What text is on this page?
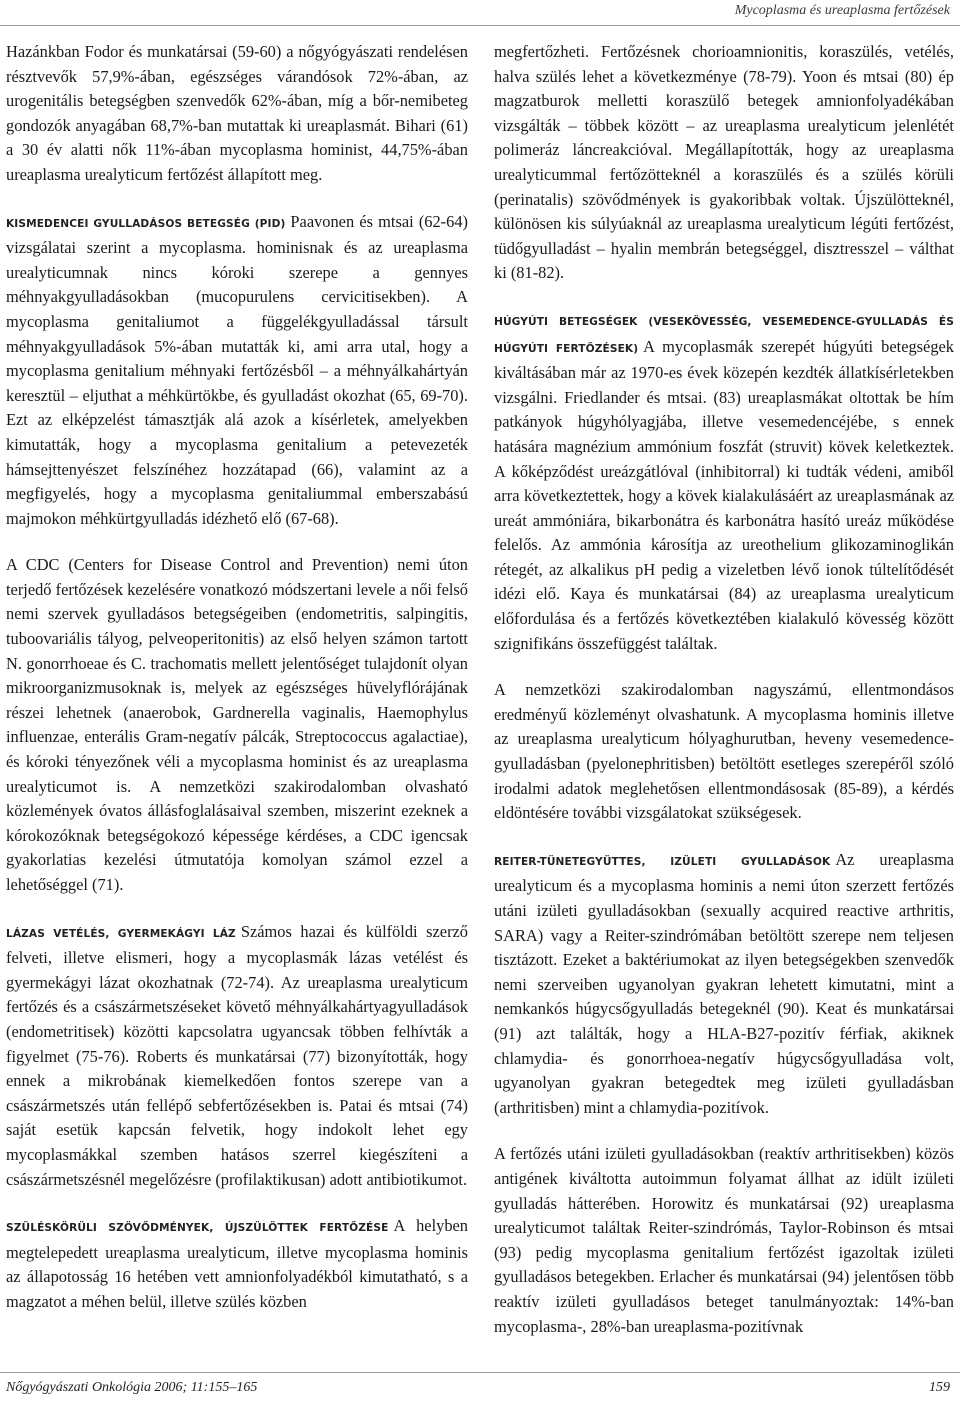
Mycoplasma és ureaplasma fertőzések

Hazánkban Fodor és munkatársai (59-60) a nőgyógyászati rendelésen résztvevők 57,9%-ában, egészséges várandósok 72%-ában, az urogenitális betegségben szenvedők 62%-ában, míg a bőr-nemibeteg gondozók anyagában 68,7%-ban mutattak ki ureaplasmát. Bihari (61) a 30 év alatti nők 11%-ában mycoplasma hominist, 44,75%-ában ureaplasma urealyticum fertőzést állapított meg.

KISMEDENCEI GYULLADÁSOS BETEGSÉG (PID) Paavonen és mtsai (62-64) vizsgálatai szerint a mycoplasma. hominisnak és az ureaplasma urealyticumnak nincs kóroki szerepe a gennyes méhnyakgyulladásokban (mucopurulens cervicitisekben). A mycoplasma genitaliumot a függelékgyulladással társult méhnyakgyulladások 5%-ában mutatták ki, ami arra utal, hogy a mycoplasma genitalium méhnyaki fertőzésből – a méhnyálkahártyán keresztül – eljuthat a méhkürtökbe, és gyulladást okozhat (65, 69-70). Ezt az elképzelést támasztják alá azok a kísérletek, amelyekben kimutatták, hogy a mycoplasma genitalium a petevezeték hámsejttenyészet felszínéhez hozzátapad (66), valamint az a megfigyelés, hogy a mycoplasma genitaliummal emberszabású majmokon méhkürtgyulladás idézhető elő (67-68).

A CDC (Centers for Disease Control and Prevention) nemi úton terjedő fertőzések kezelésére vonatkozó módszertani levele a női felső nemi szervek gyulladásos betegségeiben (endometritis, salpingitis, tuboovariális tályog, pelveoperitonitis) az első helyen számon tartott N. gonorrhoeae és C. trachomatis mellett jelentőséget tulajdonít olyan mikroorganizmusoknak is, melyek az egészséges hüvelyflórájának részei lehetnek (anaerobok, Gardnerella vaginalis, Haemophylus influenzae, enterális Gram-negatív pálcák, Streptococcus agalactiae), és kóroki tényezőnek véli a mycoplasma hominist és az ureaplasma urealyticumot is. A nemzetközi szakirodalomban olvasható közlemények óvatos állásfoglalásaival szemben, miszerint ezeknek a kórokozóknak betegségokozó képessége kérdéses, a CDC igencsak gyakorlatias kezelési útmutatója komolyan számol ezzel a lehetőséggel (71).

LÁZAS VETÉLÉS, GYERMEKÁGYI LÁZ Számos hazai és külföldi szerző felveti, illetve elismeri, hogy a mycoplasmák lázas vetélést és gyermekágyi lázat okozhatnak (72-74). Az ureaplasma urealyticum fertőzés és a császármetszéseket követő méhnyálkahártyagyulladások (endometritisek) közötti kapcsolatra ugyancsak többen felhívták a figyelmet (75-76). Roberts és munkatársai (77) bizonyították, hogy ennek a mikrobának kiemelkedően fontos szerepe van a császármetszés után fellépő sebfertőzésekben is. Patai és mtsai (74) saját esetük kapcsán felvetik, hogy indokolt lehet egy mycoplasmákkal szemben hatásos szerrel kiegészíteni a császármetszésnél megelőzésre (profilaktikusan) adott antibiotikumot.

SZÜLÉSKÖRÜLI SZÖVŐDMÉNYEK, ÚJSZÜLÖTTEK FERTŐZÉSE A helyben megtelepedett ureaplasma urealyticum, illetve mycoplasma hominis az állapotosság 16 hetében vett amnionfolyadékból kimutatható, s a magzatot a méhen belül, illetve szülés közben

megfertőzheti. Fertőzésnek chorioamnionitis, koraszülés, vetélés, halva szülés lehet a következménye (78-79). Yoon és mtsai (80) ép magzatburok melletti koraszülő betegek amnionfolyadékában vizsgálták – többek között – az ureaplasma urealyticum jelenlétét polimeráz láncreakcióval. Megállapították, hogy az ureaplasma urealyticummal fertőzötteknél a koraszülés és a szülés körüli (perinatalis) szövődmények is gyakoribbak voltak. Újszülötteknél, különösen kis súlyúaknál az ureaplasma urealyticum légúti fertőzést, tüdőgyulladást – hyalin membrán betegséggel, disztresszel – válthat ki (81-82).

HÚGYÚTI BETEGSÉGEK (VESEKÖVESSÉG, VESEMEDENCE-GYULLADÁS ÉS HÚGYÚTI FERTŐZÉSEK) A mycoplasmák szerepét húgyúti betegségek kiváltásában már az 1970-es évek közepén kezdték állatkísérletekben vizsgálni. Friedlander és mtsai. (83) ureaplasmákat oltottak be hím patkányok húgyhólyagjába, illetve vesemedencéjébe, s ennek hatására magnézium ammónium foszfát (struvit) kövek keletkeztek. A kőképződést ureázgátlóval (inhibitorral) ki tudták védeni, amiből arra következtettek, hogy a kövek kialakulásáért az ureaplasmának az ureát ammóniára, bikarbonátra és karbonátra hasító ureáz működése felelős. Az ammónia károsítja az ureothelium glikozaminoglikán rétegét, az alkalikus pH pedig a vizeletben lévő ionok túltelítődését idézi elő. Kaya és munkatársai (84) az ureaplasma urealyticum előfordulása és a fertőzés következtében kialakuló kövesség között szignifikáns összefüggést találtak.

A nemzetközi szakirodalomban nagyszámú, ellentmondásos eredményű közleményt olvashatunk. A mycoplasma hominis illetve az ureaplasma urealyticum hólyaghurutban, heveny vesemedence-gyulladásban (pyelonephritisben) betöltött esetleges szerepéről szóló irodalmi adatok meglehetősen ellentmondásosak (85-89), a kérdés eldöntésére további vizsgálatokat szükségesek.

REITER-TÜNETEGYÜTTES, IZÜLETI GYULLADÁSOK Az ureaplasma urealyticum és a mycoplasma hominis a nemi úton szerzett fertőzés utáni izületi gyulladásokban (sexually acquired reactive arthritis, SARA) vagy a Reiter-szindrómában betöltött szerepe nem teljesen tisztázott. Ezeket a baktériumokat az ilyen betegségekben szenvedők nemi szerveiben ugyanolyan gyakran lehetett kimutatni, mint a nemkankós húgycsőgyulladás betegeknél (90). Keat és munkatársai (91) azt találták, hogy a HLA-B27-pozitív férfiak, akiknek chlamydia- és gonorrhoea-negatív húgycsőgyulladása volt, ugyanolyan gyakran betegedtek meg izületi gyulladásban (arthritisben) mint a chlamydia-pozitívok.

A fertőzés utáni izületi gyulladásokban (reaktív arthritisekben) közös antigének kiváltotta autoimmun folyamat állhat az idült izületi gyulladás hátterében. Horowitz és munkatársai (92) ureaplasma urealyticumot találtak Reiter-szindrómás, Taylor-Robinson és mtsai (93) pedig mycoplasma genitalium fertőzést igazoltak izületi gyulladásos betegekben. Erlacher és munkatársai (94) jelentősen több reaktív izületi gyulladásos beteget tanulmányoztak: 14%-ban mycoplasma-, 28%-ban ureaplasma-pozitívnak

Nőgyógyászati Onkológia 2006; 11:155–165	159
